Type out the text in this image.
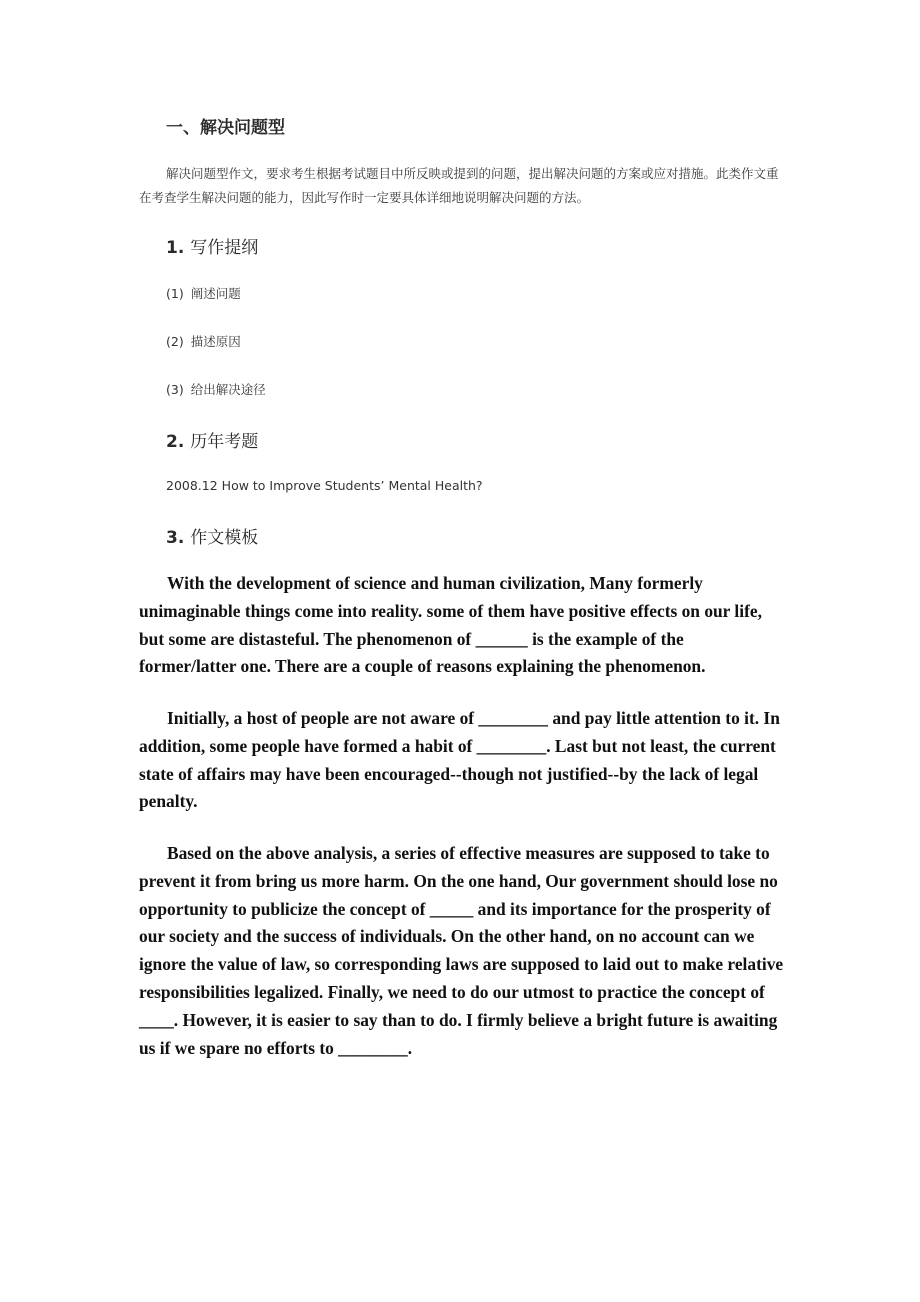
一、解决问题型

解决问题型作文，要求考生根据考试题目中所反映或提到的问题，提出解决问题的方案或应对措施。此类作文重在考查学生解决问题的能力，因此写作时一定要具体详细地说明解决问题的方法。

1. 写作提纲

(1) 阐述问题

(2) 描述原因

(3) 给出解决途径

2. 历年考题

2008.12 How to Improve Students’ Mental Health?

3. 作文模板

With the development of science and human civilization, Many formerly unimaginable things come into reality. some of them have positive effects on our life, but some are distasteful. The phenomenon of ______ is the example of the former/latter one. There are a couple of reasons explaining the phenomenon.

Initially, a host of people are not aware of ________ and pay little attention to it. In addition, some people have formed a habit of ________. Last but not least, the current state of affairs may have been encouraged--though not justified--by the lack of legal penalty.

Based on the above analysis, a series of effective measures are supposed to take to prevent it from bring us more harm. On the one hand, Our government should lose no opportunity to publicize the concept of _____ and its importance for the prosperity of our society and the success of individuals. On the other hand, on no account can we ignore the value of law, so corresponding laws are supposed to laid out to make relative responsibilities legalized. Finally, we need to do our utmost to practice the concept of ____. However, it is easier to say than to do. I firmly believe a bright future is awaiting us if we spare no efforts to ________.
